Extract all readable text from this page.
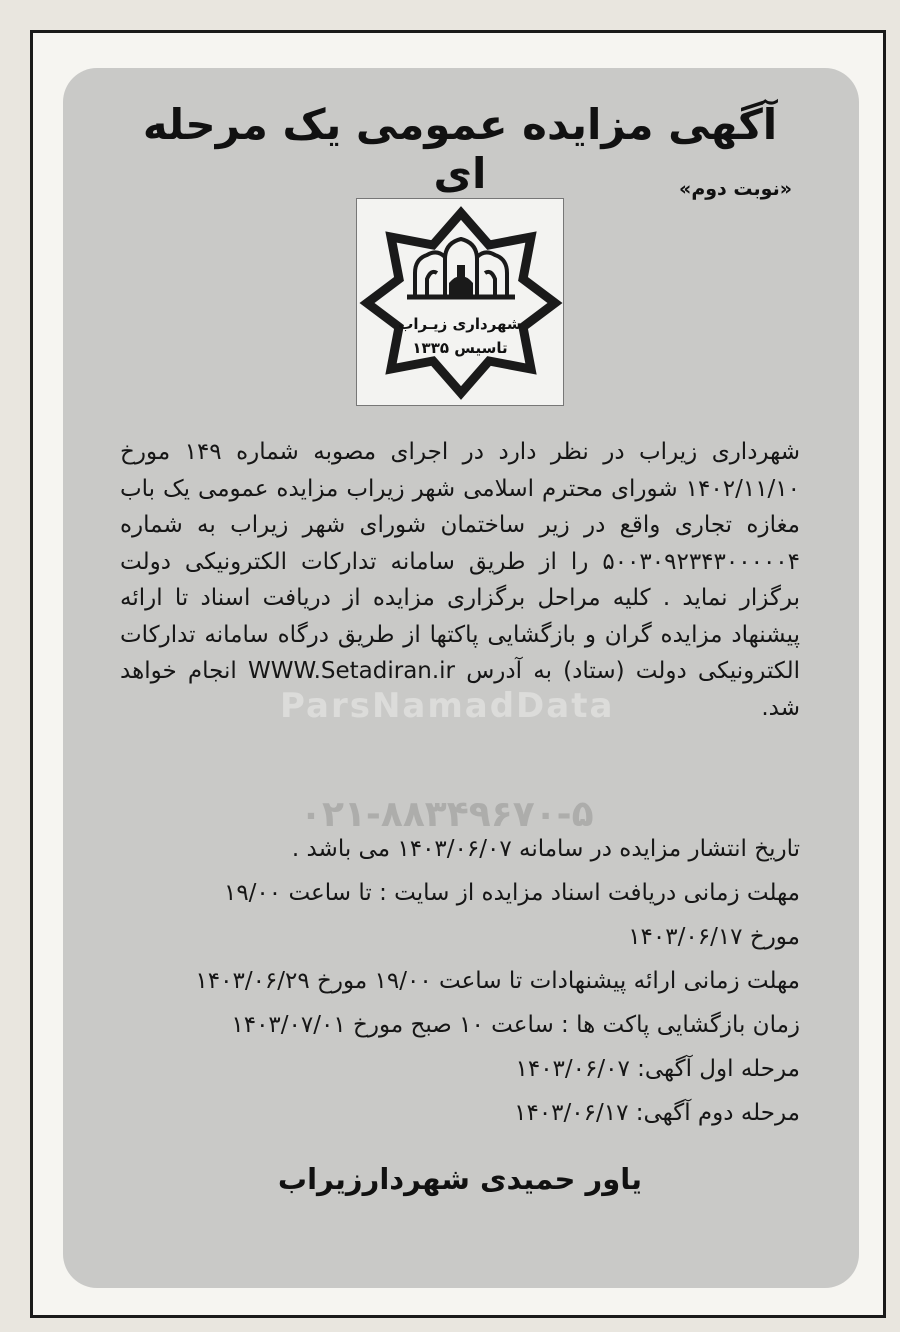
آگهی مزایده عمومی یک مرحله ای	«نوبت دوم»
شهرداری زیـراب
تاسیس ۱۳۳۵
ParsNamadData
۰۲۱-۸۸۳۴۹۶۷۰-۵
شهرداری زیراب در نظر دارد در اجرای مصوبه شماره ۱۴۹ مورخ ۱۴۰۲/۱۱/۱۰ شورای محترم اسلامی شهر زیراب مزایده عمومی یک باب مغازه تجاری واقع در زیر ساختمان شورای شهر زیراب به شماره ۵۰۰۳۰۹۲۳۴۳۰۰۰۰۰۴ را از طریق سامانه تدارکات الکترونیکی دولت برگزار نماید . کلیه مراحل برگزاری مزایده از دریافت اسناد تا ارائه پیشنهاد مزایده گران و بازگشایی پاکتها از طریق درگاه سامانه تدارکات الکترونیکی دولت (ستاد) به آدرس WWW.Setadiran.ir انجام خواهد شد.
تاریخ انتشار مزایده در سامانه ۱۴۰۳/۰۶/۰۷ می باشد .
مهلت زمانی دریافت اسناد مزایده از سایت : تا ساعت ۱۹/۰۰
مورخ ۱۴۰۳/۰۶/۱۷
مهلت زمانی ارائه پیشنهادات تا ساعت ۱۹/۰۰ مورخ ۱۴۰۳/۰۶/۲۹
زمان بازگشایی پاکت ها : ساعت ۱۰ صبح مورخ ۱۴۰۳/۰۷/۰۱
مرحله اول آگهی: ۱۴۰۳/۰۶/۰۷
مرحله دوم آگهی: ۱۴۰۳/۰۶/۱۷
یاور حمیدی شهردارزیراب
